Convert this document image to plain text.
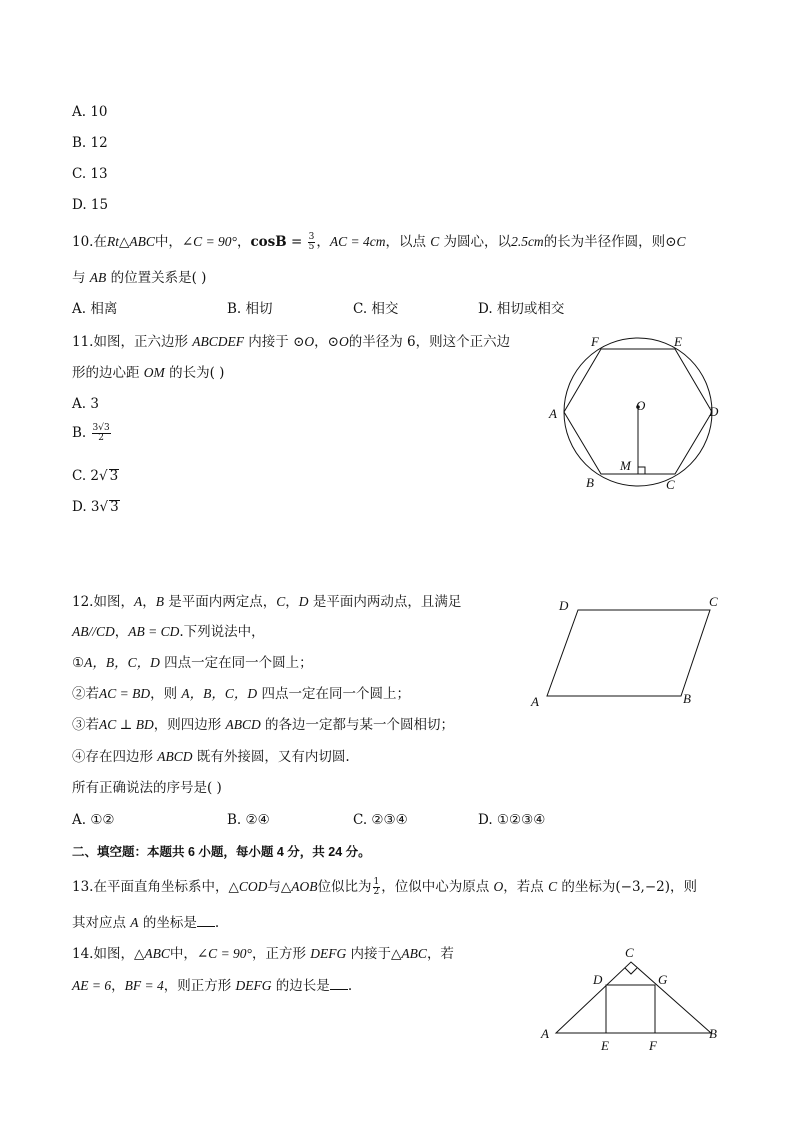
A. 10
B. 12
C. 13
D. 15
10.在Rt△ABC中，∠C = 90°，$\cos B = \frac{3}{5}$ ，AC = 4cm，以点 C 为圆心，以2.5cm的长为半径作圆，则⊙C
与 AB 的位置关系是( )
A. 相离	B. 相切	C. 相交	D. 相切或相交
11.如图，正六边形 ABCDEF 内接于 ⊙O，⊙O的半径为 6，则这个正六边
形的边心距 OM 的长为( )
A. 3
B. $\frac{3√3}{2}$
C. 2√ 3
D. 3√ 3
F	E
A	D
O
M
B	C
12.如图，A，B 是平面内两定点，C，D 是平面内两动点，且满足
AB//CD，AB = CD.下列说法中，
①A，B，C，D 四点一定在同一个圆上；
②若AC = BD，则 A，B，C，D 四点一定在同一个圆上；
③若AC ⊥ BD，则四边形 ABCD 的各边一定都与某一个圆相切；
④存在四边形 ABCD 既有外接圆，又有内切圆.
所有正确说法的序号是( )
A. ①②	B. ②④	C. ②③④	D. ①②③④
D	C
A	B
二、填空题：本题共 6 小题，每小题 4 分，共 24 分。
13.在平面直角坐标系中，△COD与△AOB位似比为 $\frac{1}{2}$ ，位似中心为原点 O，若点 C 的坐标为(−3,−2)，则
其对应点 A 的坐标是 .
14.如图，△ABC中，∠C = 90°，正方形 DEFG 内接于△ABC，若
AE = 6，BF = 4，则正方形 DEFG 的边长是 .
C
D	G
A
E	F
B
